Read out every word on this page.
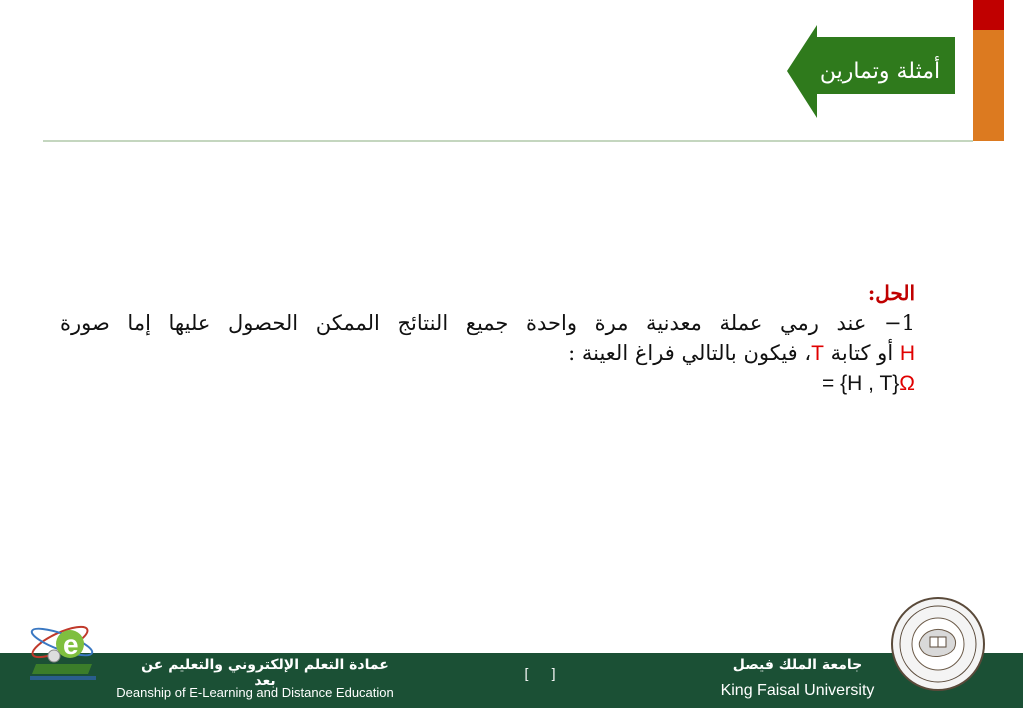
أمثلة وتمارين
الحل:
1− عند رمي عملة معدنية مرة واحدة جميع النتائج الممكن الحصول عليها إما صورة
H أو كتابة T، فيكون بالتالي فراغ العينة :
Ω{H , T} =
e
عمادة التعلم الإلكتروني والتعليم عن بعد
Deanship of E-Learning and Distance Education
[      ]	جامعة الملك فيصل
King Faisal University
